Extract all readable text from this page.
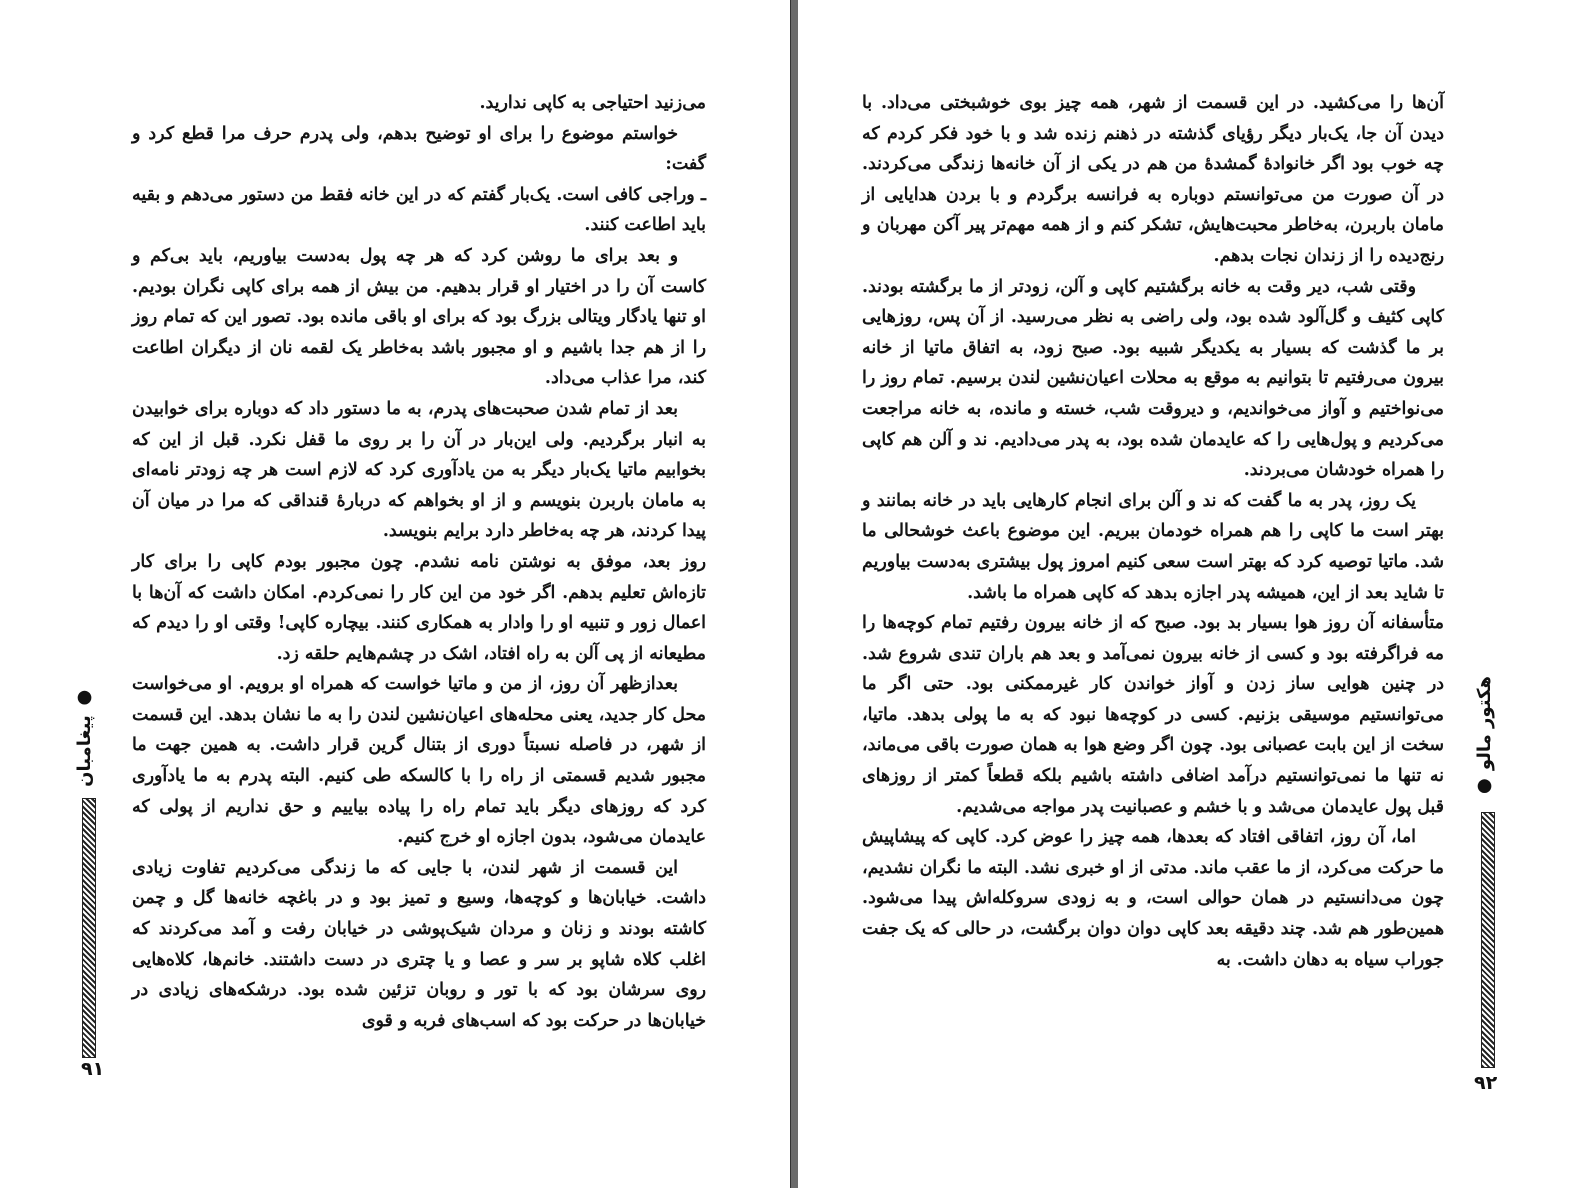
می‌زنید احتیاجی به کاپی ندارید.

خواستم موضوع را برای او توضیح بدهم، ولی پدرم حرف مرا قطع کرد و گفت:

ـ وراجی کافی است. یک‌بار گفتم که در این خانه فقط من دستور می‌دهم و بقیه باید اطاعت کنند.

و بعد برای ما روشن کرد که هر چه پول به‌دست بیاوریم، باید بی‌کم و کاست آن را در اختیار او قرار بدهیم. من بیش از همه برای کاپی نگران بودیم. او تنها یادگار ویتالی بزرگ بود که برای او باقی مانده بود. تصور این که تمام روز را از هم جدا باشیم و او مجبور باشد به‌خاطر یک لقمه نان از دیگران اطاعت کند، مرا عذاب می‌داد.

بعد از تمام شدن صحبت‌های پدرم، به ما دستور داد که دوباره برای خوابیدن به انبار برگردیم. ولی این‌بار در آن را بر روی ما قفل نکرد. قبل از این که بخوابیم ماتیا یک‌بار دیگر به من یادآوری کرد که لازم است هر چه زودتر نامه‌ای به مامان باربرن بنویسم و از او بخواهم که دربارهٔ قنداقی که مرا در میان آن پیدا کردند، هر چه به‌خاطر دارد برایم بنویسد.

روز بعد، موفق به نوشتن نامه نشدم. چون مجبور بودم کاپی را برای کار تازه‌اش تعلیم بدهم. اگر خود من این کار را نمی‌کردم. امکان داشت که آن‌ها با اعمال زور و تنبیه او را وادار به همکاری کنند. بیچاره کاپی! وقتی او را دیدم که مطیعانه از پی آلن به راه افتاد، اشک در چشم‌هایم حلقه زد.

بعدازظهر آن روز، از من و ماتیا خواست که همراه او برویم. او می‌خواست محل کار جدید، یعنی محله‌های اعیان‌نشین لندن را به ما نشان بدهد. این قسمت از شهر، در فاصله نسبتاً دوری از بتنال گرین قرار داشت. به همین جهت ما مجبور شدیم قسمتی از راه را با کالسکه طی کنیم. البته پدرم به ما یادآوری کرد که روزهای دیگر باید تمام راه را پیاده بیاییم و حق نداریم از پولی که عایدمان می‌شود، بدون اجازه او خرج کنیم.

این قسمت از شهر لندن، با جایی که ما زندگی می‌کردیم تفاوت زیادی داشت. خیابان‌ها و کوچه‌ها، وسیع و تمیز بود و در باغچه خانه‌ها گل و چمن کاشته بودند و زنان و مردان شیک‌پوشی در خیابان رفت و آمد می‌کردند که اغلب کلاه شاپو بر سر و عصا و یا چتری در دست داشتند. خانم‌ها، کلاه‌هایی روی سرشان بود که با تور و روبان تزئین شده بود. درشکه‌های زیادی در خیابان‌ها در حرکت بود که اسب‌های فربه و قوی

پیغامبان ●
۹۱

آن‌ها را می‌کشید. در این قسمت از شهر، همه چیز بوی خوشبختی می‌داد. با دیدن آن جا، یک‌بار دیگر رؤیای گذشته در ذهنم زنده شد و با خود فکر کردم که چه خوب بود اگر خانوادهٔ گمشدهٔ من هم در یکی از آن خانه‌ها زندگی می‌کردند. در آن صورت من می‌توانستم دوباره به فرانسه برگردم و با بردن هدایایی از مامان باربرن، به‌خاطر محبت‌هایش، تشکر کنم و از همه مهم‌تر پیر آکن مهربان و رنج‌دیده را از زندان نجات بدهم.

وقتی شب، دیر وقت به خانه برگشتیم کاپی و آلن، زودتر از ما برگشته بودند. کاپی کثیف و گل‌آلود شده بود، ولی راضی به نظر می‌رسید. از آن پس، روزهایی بر ما گذشت که بسیار به یکدیگر شبیه بود. صبح زود، به اتفاق ماتیا از خانه بیرون می‌رفتیم تا بتوانیم به موقع به محلات اعیان‌نشین لندن برسیم. تمام روز را می‌نواختیم و آواز می‌خواندیم، و دیروقت شب، خسته و مانده، به خانه مراجعت می‌کردیم و پول‌هایی را که عایدمان شده بود، به پدر می‌دادیم. ند و آلن هم کاپی را همراه خودشان می‌بردند.

یک روز، پدر به ما گفت که ند و آلن برای انجام کارهایی باید در خانه بمانند و بهتر است ما کاپی را هم همراه خودمان ببریم. این موضوع باعث خوشحالی ما شد. ماتیا توصیه کرد که بهتر است سعی کنیم امروز پول بیشتری به‌دست بیاوریم تا شاید بعد از این، همیشه پدر اجازه بدهد که کاپی همراه ما باشد.

متأسفانه آن روز هوا بسیار بد بود. صبح که از خانه بیرون رفتیم تمام کوچه‌ها را مه فراگرفته بود و کسی از خانه بیرون نمی‌آمد و بعد هم باران تندی شروع شد. در چنین هوایی ساز زدن و آواز خواندن کار غیرممکنی بود. حتی اگر ما می‌توانستیم موسیقی بزنیم. کسی در کوچه‌ها نبود که به ما پولی بدهد. ماتیا، سخت از این بابت عصبانی بود. چون اگر وضع هوا به همان صورت باقی می‌ماند، نه تنها ما نمی‌توانستیم درآمد اضافی داشته باشیم بلکه قطعاً کمتر از روزهای قبل پول عایدمان می‌شد و با خشم و عصبانیت پدر مواجه می‌شدیم.

اما، آن روز، اتفاقی افتاد که بعدها، همه چیز را عوض کرد. کاپی که پیشاپیش ما حرکت می‌کرد، از ما عقب ماند. مدتی از او خبری نشد. البته ما نگران نشدیم، چون می‌دانستیم در همان حوالی است، و به زودی سروکله‌اش پیدا می‌شود. همین‌طور هم شد. چند دقیقه بعد کاپی دوان دوان برگشت، در حالی که یک جفت جوراب سیاه به دهان داشت. به

● هکتور مالو
۹۲
